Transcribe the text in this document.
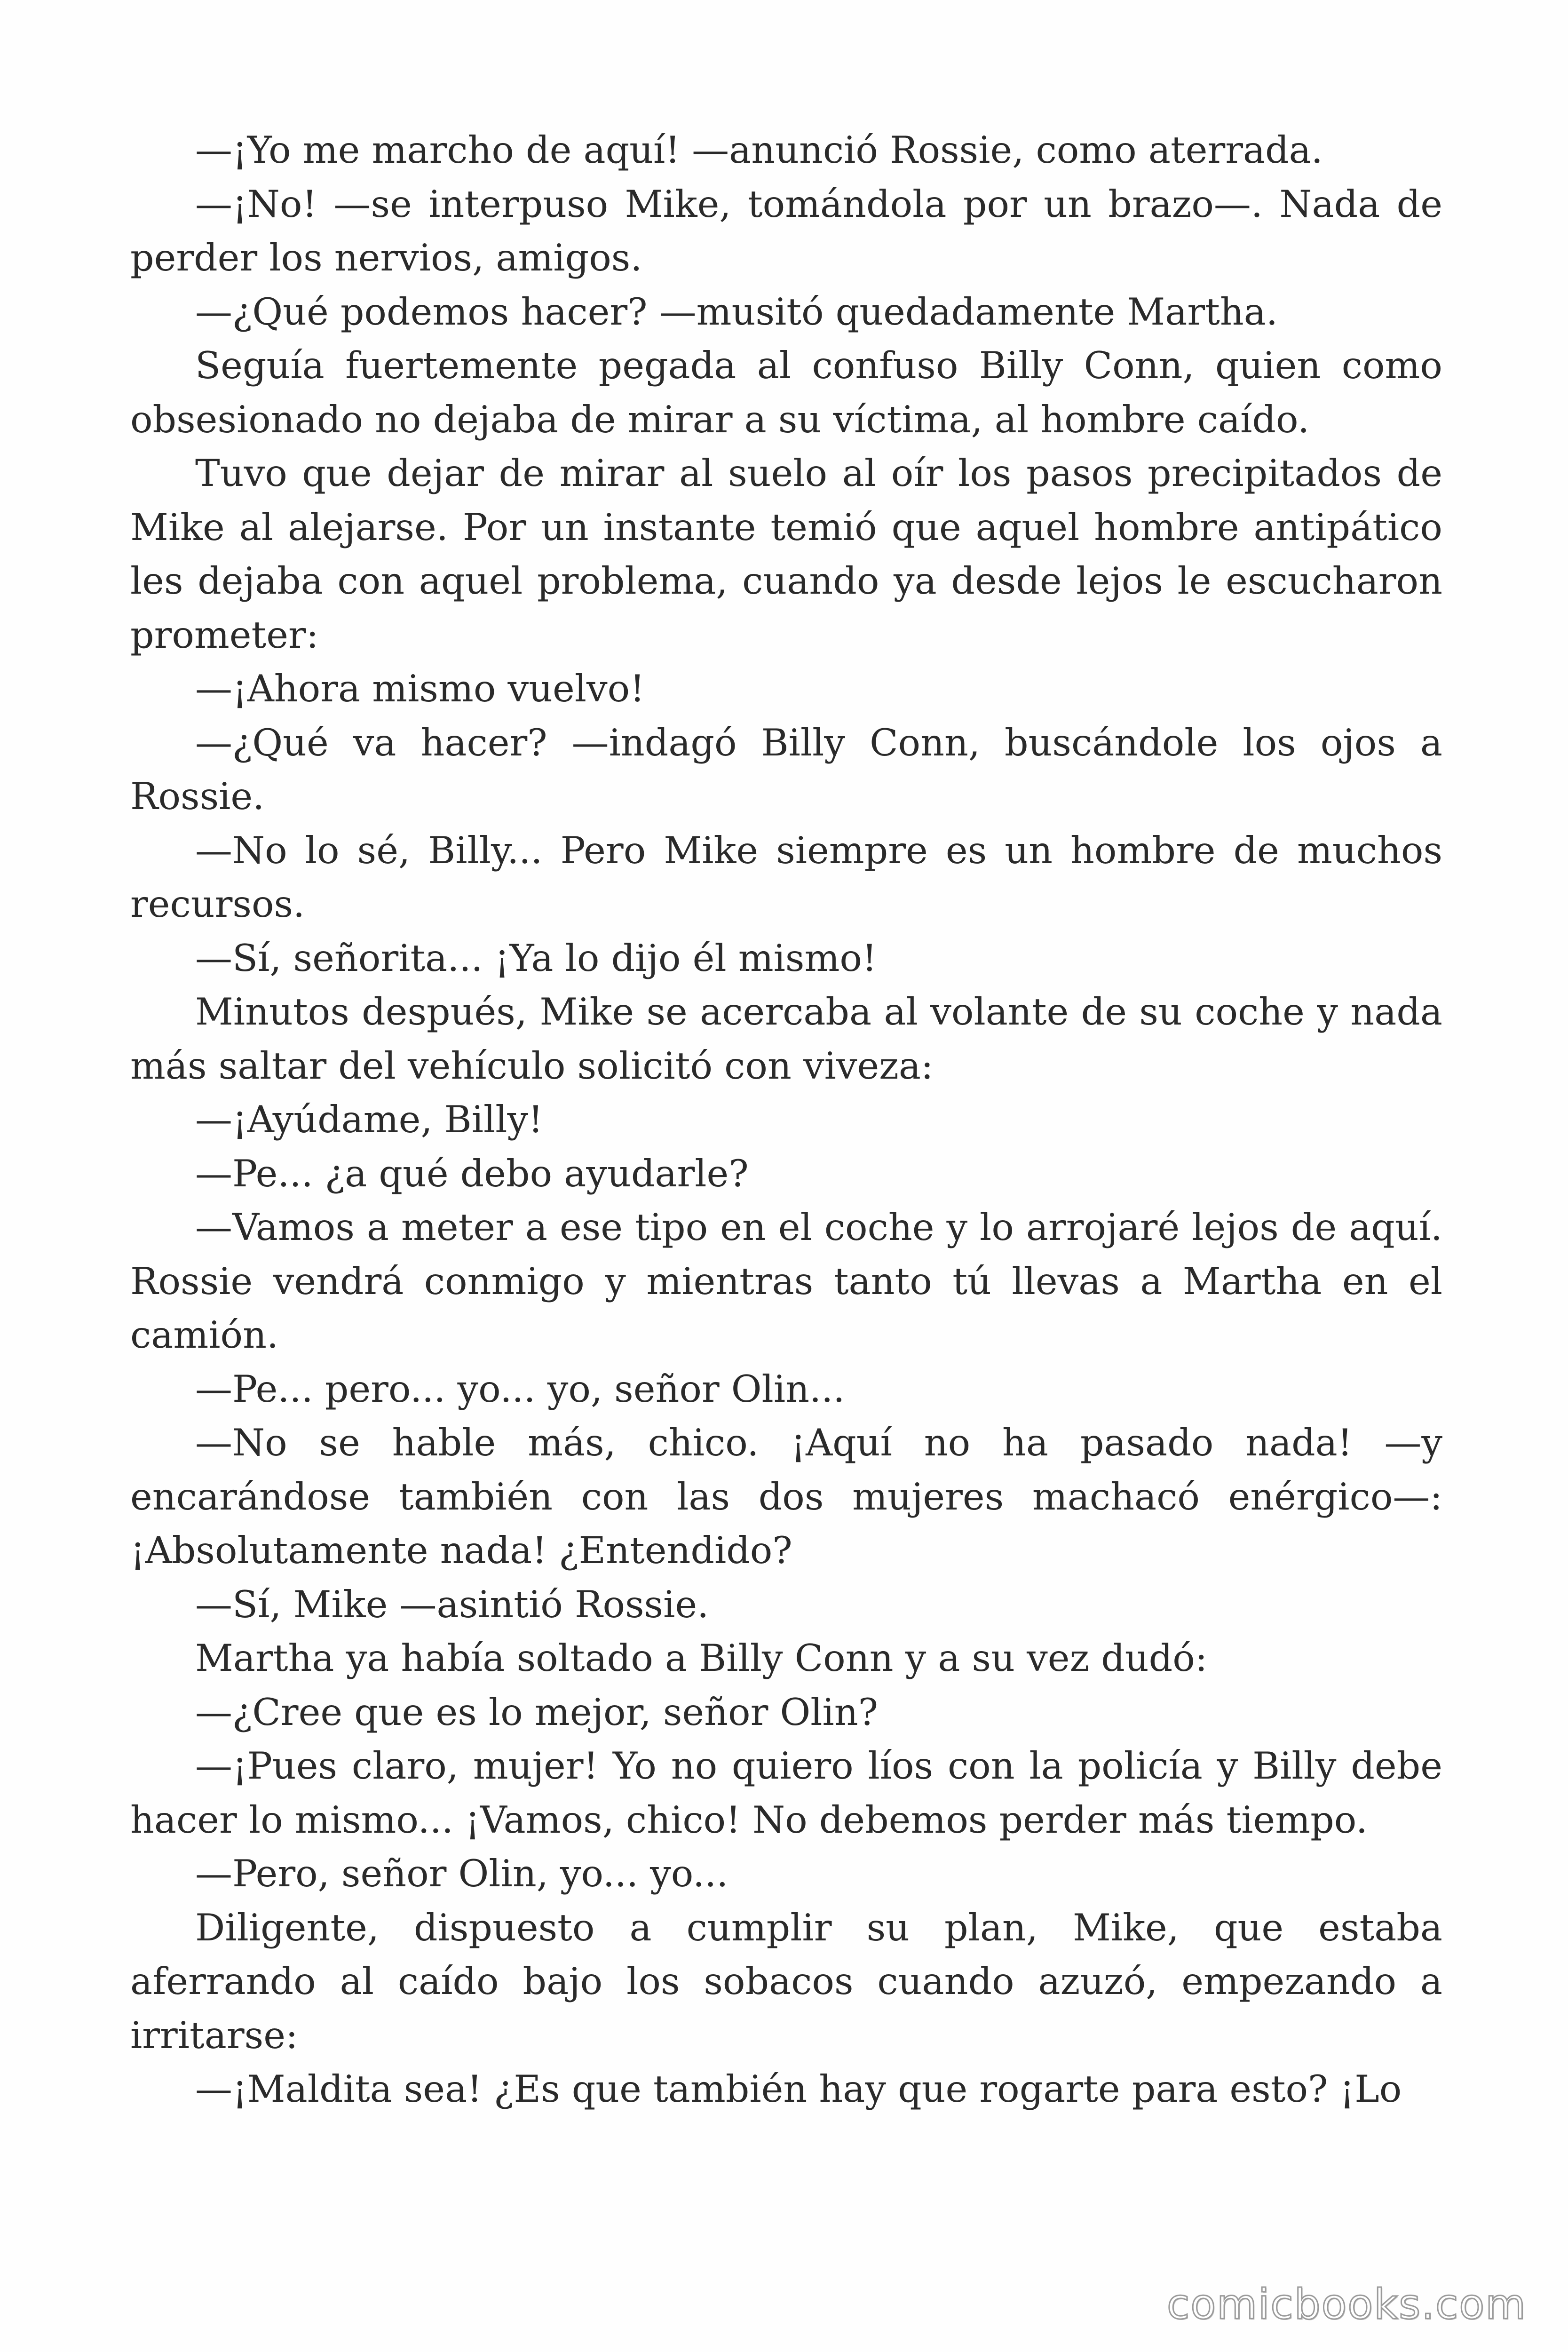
—¡Yo me marcho de aquí! —anunció Rossie, como aterrada.

—¡No! —se interpuso Mike, tomándola por un brazo—. Nada de perder los nervios, amigos.

—¿Qué podemos hacer? —musitó quedadamente Martha.

Seguía fuertemente pegada al confuso Billy Conn, quien como obsesionado no dejaba de mirar a su víctima, al hombre caído.

Tuvo que dejar de mirar al suelo al oír los pasos precipitados de Mike al alejarse. Por un instante temió que aquel hombre antipático les dejaba con aquel problema, cuando ya desde lejos le escucharon prometer:

—¡Ahora mismo vuelvo!

—¿Qué va hacer? —indagó Billy Conn, buscándole los ojos a Rossie.

—No lo sé, Billy... Pero Mike siempre es un hombre de muchos recursos.

—Sí, señorita... ¡Ya lo dijo él mismo!

Minutos después, Mike se acercaba al volante de su coche y nada más saltar del vehículo solicitó con viveza:

—¡Ayúdame, Billy!

—Pe... ¿a qué debo ayudarle?

—Vamos a meter a ese tipo en el coche y lo arrojaré lejos de aquí. Rossie vendrá conmigo y mientras tanto tú llevas a Martha en el camión.

—Pe... pero... yo... yo, señor Olin...

—No se hable más, chico. ¡Aquí no ha pasado nada! —y encarándose también con las dos mujeres machacó enérgico—: ¡Absolutamente nada! ¿Entendido?

—Sí, Mike —asintió Rossie.

Martha ya había soltado a Billy Conn y a su vez dudó:

—¿Cree que es lo mejor, señor Olin?

—¡Pues claro, mujer! Yo no quiero líos con la policía y Billy debe hacer lo mismo... ¡Vamos, chico! No debemos perder más tiempo.

—Pero, señor Olin, yo... yo...

Diligente, dispuesto a cumplir su plan, Mike, que estaba aferrando al caído bajo los sobacos cuando azuzó, empezando a irritarse:

—¡Maldita sea! ¿Es que también hay que rogarte para esto? ¡Lo

comicbooks.com
